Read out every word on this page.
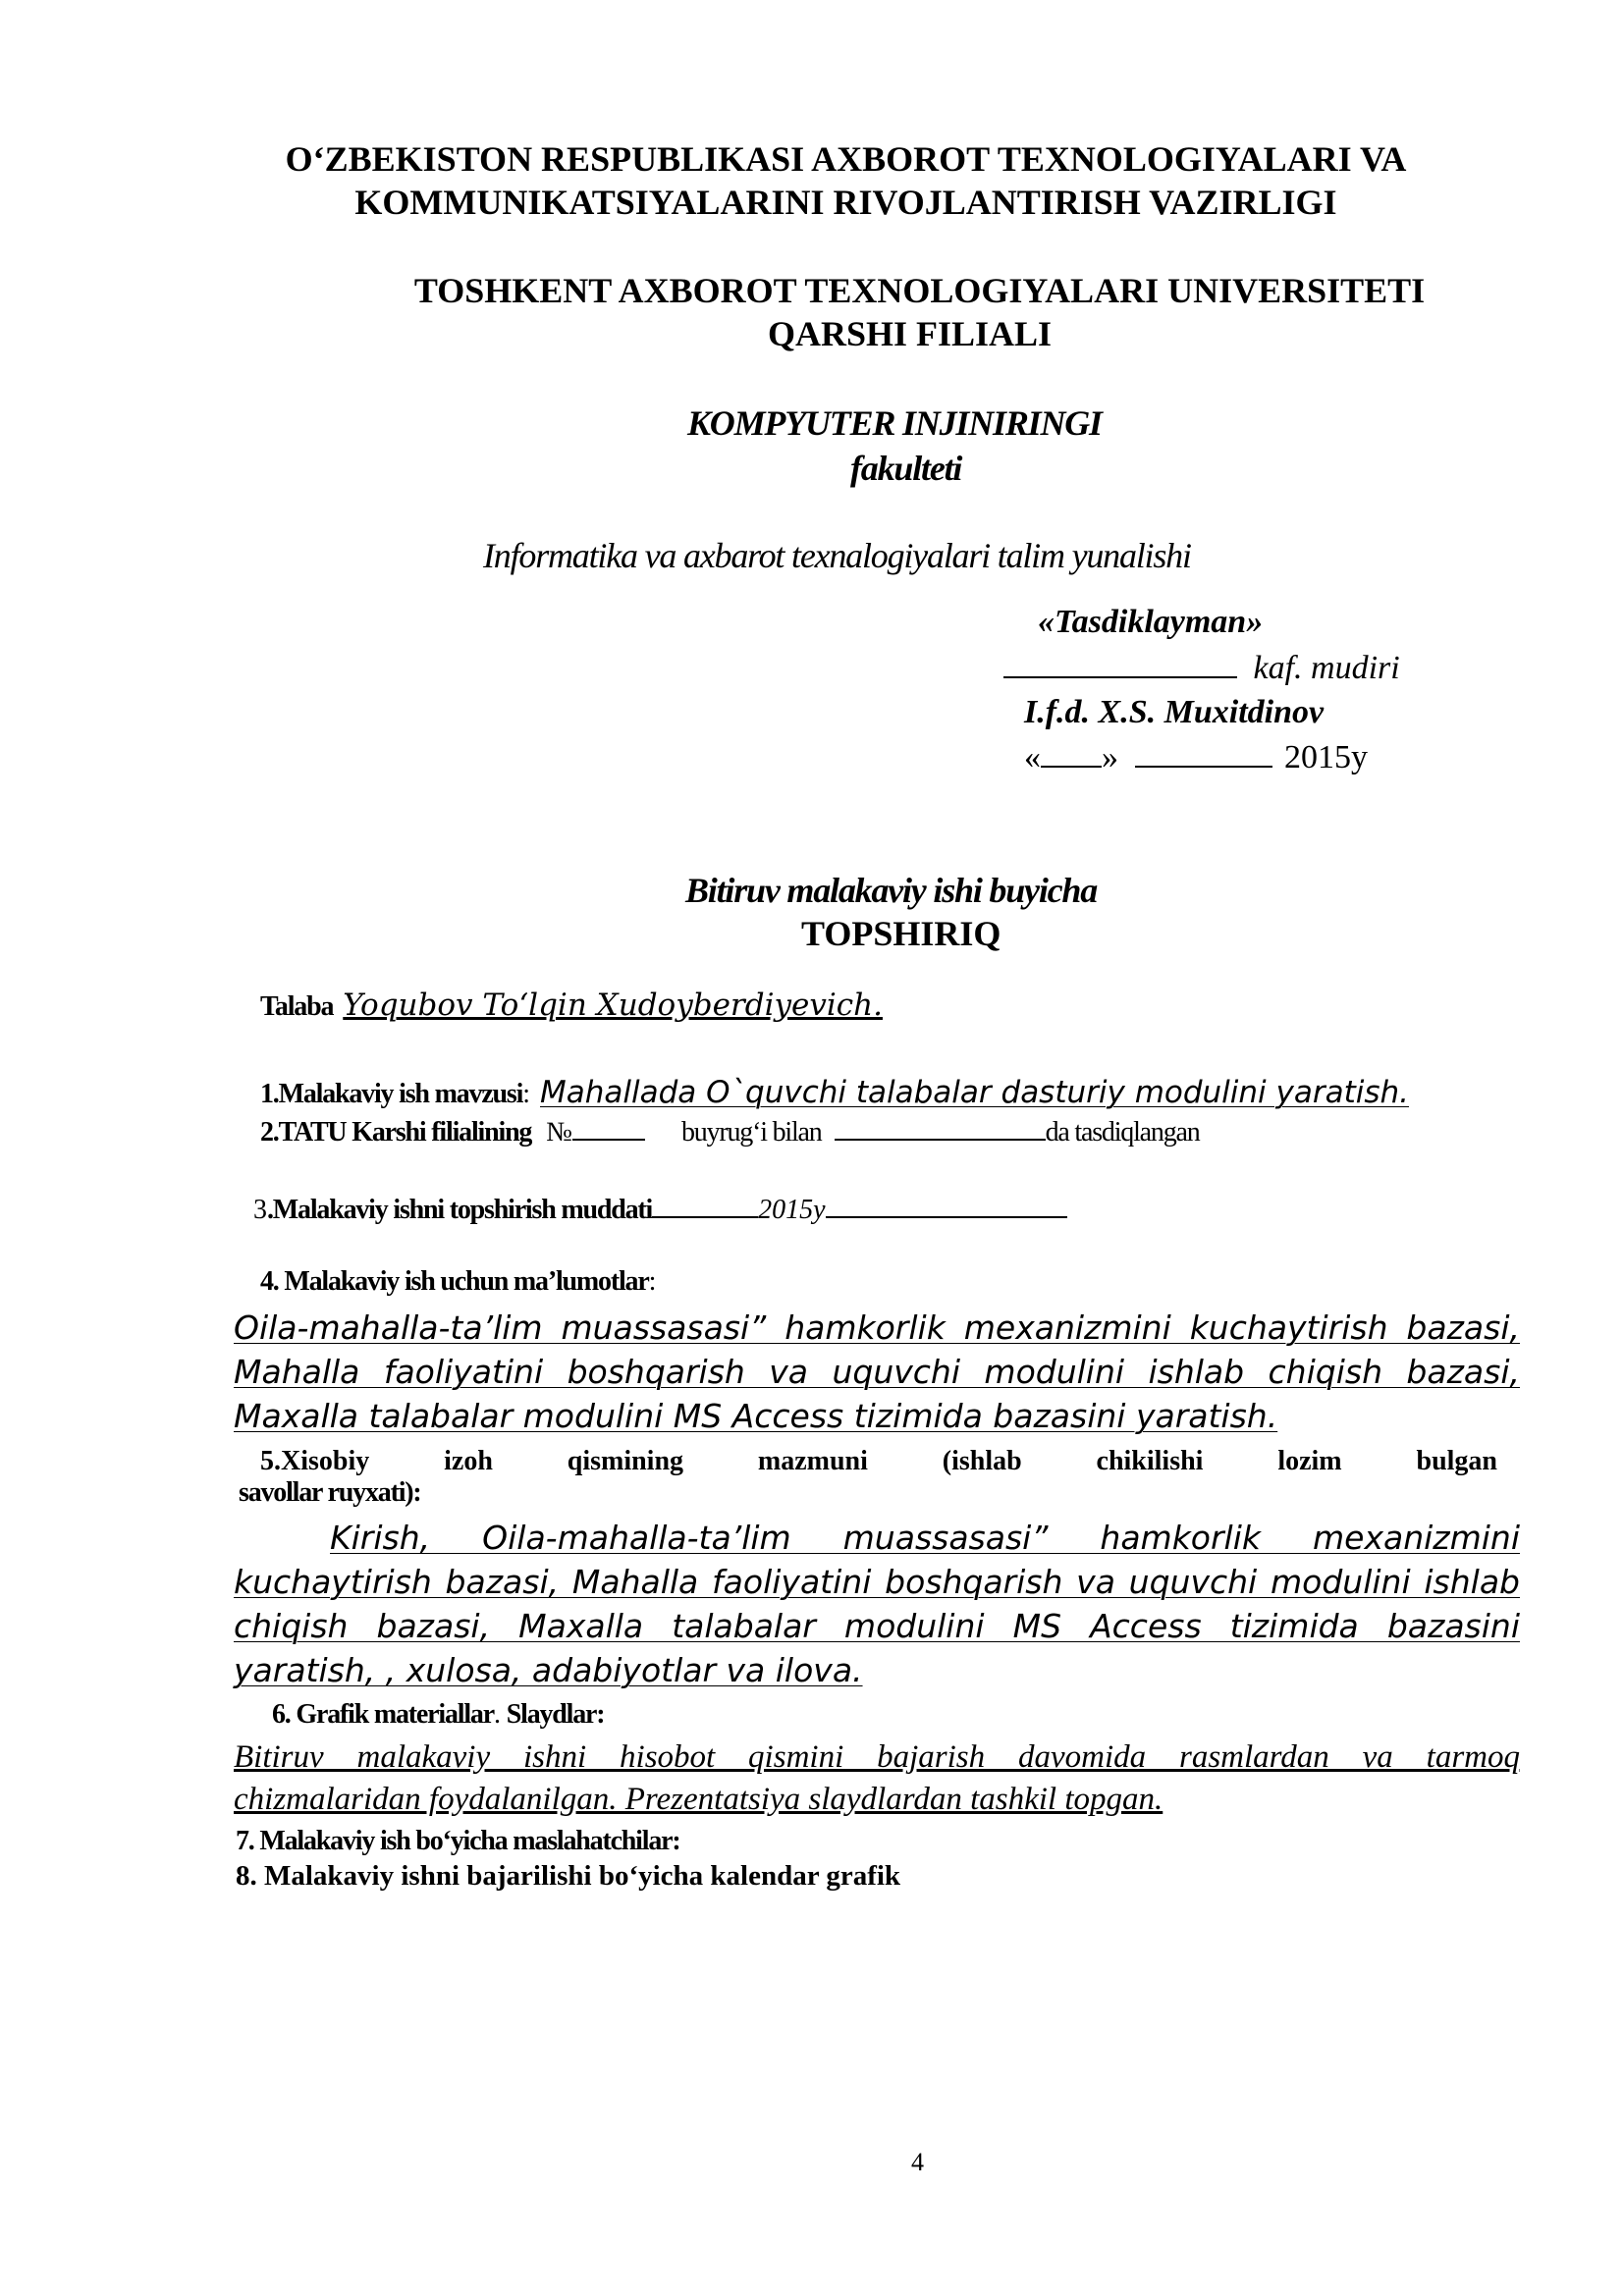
O‘ZBEKISTON RESPUBLIKASI AXBOROT TEXNOLOGIYALARI VA
KOMMUNIKATSIYALARINI RIVOJLANTIRISH VAZIRLIGI
TOSHKENT AXBOROT TEXNOLOGIYALARI UNIVERSITETI
QARSHI FILIALI
KOMPYUTER INJINIRINGI
fakulteti
Informatika va axbarot texnalogiyalari talim yunalishi
«Tasdiklayman»
kaf. mudiri
I.f.d. X.S. Muxitdinov
« »	2015y
Bitiruv malakaviy ishi buyicha
TOPSHIRIQ
Talaba Yoqubov To‘lqin Xudoyberdiyevich.
1.Malakaviy ish mavzusi: Mahallada O`quvchi talabalar dasturiy modulini yaratish.
2.TATU Karshi filialining №	buyrug‘i bilan	da tasdiqlangan
3.Malakaviy ishni topshirish muddati	2015y
4. Malakaviy ish uchun ma’lumotlar:
Oila-mahalla-ta’lim muassasasi” hamkorlik mexanizmini kuchaytirish bazasi,
Mahalla faoliyatini boshqarish va uquvchi modulini ishlab chiqish bazasi,
Maxalla talabalar modulini MS Access tizimida bazasini yaratish.
5.Xisobiy izoh qismining mazmuni (ishlab chikilishi lozim bulgan
savollar ruyxati):
Kirish, Oila-mahalla-ta’lim muassasasi” hamkorlik mexanizmini
kuchaytirish bazasi, Mahalla faoliyatini boshqarish va uquvchi modulini ishlab
chiqish bazasi, Maxalla talabalar modulini MS Access tizimida bazasini
yaratish, , xulosa, adabiyotlar va ilova.
6. Grafik materiallar. Slaydlar:
Bitiruv malakaviy ishni hisobot qismini bajarish davomida rasmlardan va tarmoq
chizmalaridan foydalanilgan. Prezentatsiya slaydlardan tashkil topgan.
7. Malakaviy ish bo‘yicha maslahatchilar:
8. Malakaviy ishni bajarilishi bo‘yicha kalendar grafik
4
